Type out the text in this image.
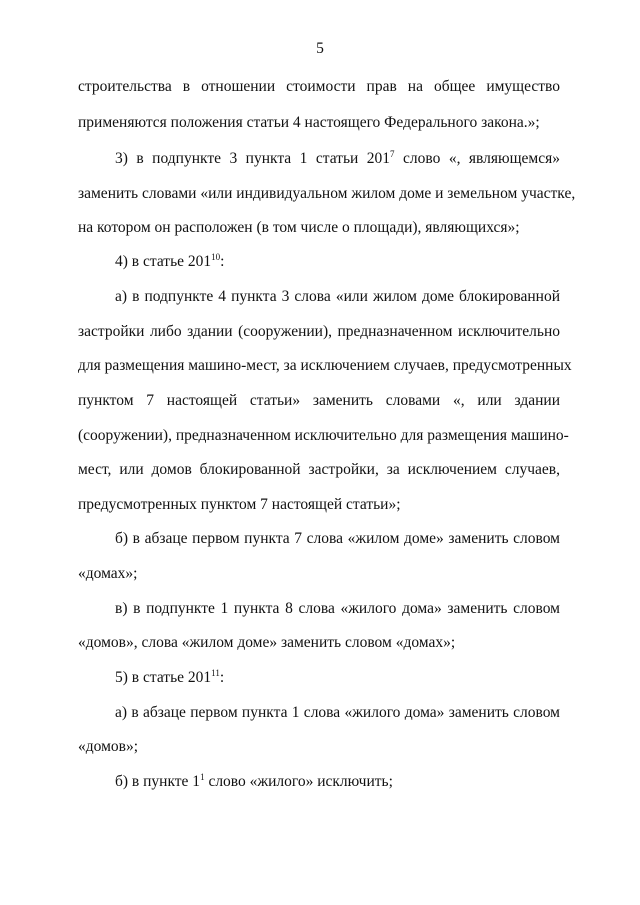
5
строительства в отношении стоимости прав на общее имущество
применяются положения статьи 4 настоящего Федерального закона.»;
3) в подпункте 3 пункта 1 статьи $201^7$ слово «, являющемся»
заменить словами «или индивидуальном жилом доме и земельном участке,
на котором он расположен (в том числе о площади), являющихся»;
4) в статье $201^{10}$:
а) в подпункте 4 пункта 3 слова «или жилом доме блокированной
застройки либо здании (сооружении), предназначенном исключительно
для размещения машино-мест, за исключением случаев, предусмотренных
пунктом 7 настоящей статьи» заменить словами «, или здании
(сооружении), предназначенном исключительно для размещения машино-
мест, или домов блокированной застройки, за исключением случаев,
предусмотренных пунктом 7 настоящей статьи»;
б) в абзаце первом пункта 7 слова «жилом доме» заменить словом
«домах»;
в) в подпункте 1 пункта 8 слова «жилого дома» заменить словом
«домов», слова «жилом доме» заменить словом «домах»;
5) в статье $201^{11}$:
а) в абзаце первом пункта 1 слова «жилого дома» заменить словом
«домов»;
б) в пункте $1^1$ слово «жилого» исключить;
